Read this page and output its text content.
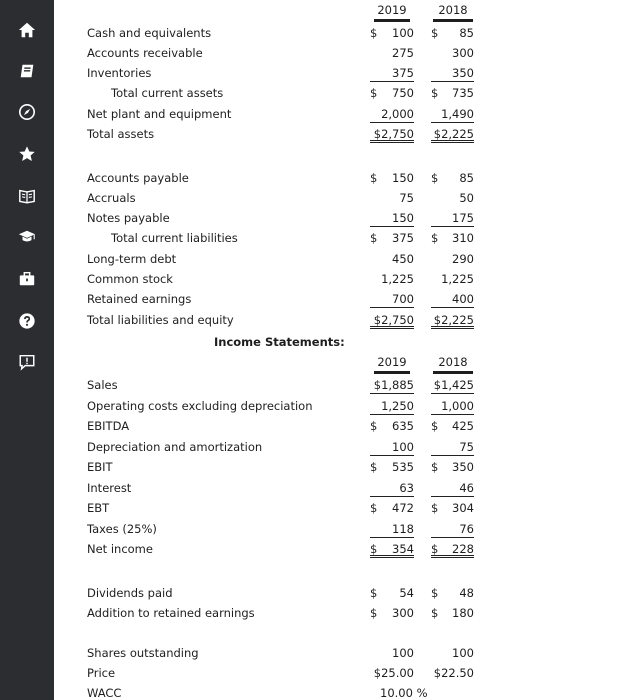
2019	2018
Income Statements:
2019	2018
Cash and equivalents	$ 100 $ 85
Accounts receivable	275	300
Inventories	375	350
Total current assets	$ 750 $ 735
Net plant and equipment	2,000 1,490
Total assets	$2,750 $2,225
Accounts payable	$ 150 $ 85
Accruals	75	50
Notes payable	150	175
Total current liabilities	$ 375 $ 310
Long-term debt	450	290
Common stock	1,225 1,225
Retained earnings	700	400
Total liabilities and equity	$2,750 $2,225
Sales	$1,885 $1,425
Operating costs excluding depreciation	1,250 1,000
EBITDA	$ 635 $ 425
Depreciation and amortization	100	75
EBIT	$ 535 $ 350
Interest	63	46
EBT	$ 472 $ 304
Taxes (25%)	118	76
Net income	$ 354 $ 228
Dividends paid	$ 54 $ 48
Addition to retained earnings	$ 300 $ 180
Shares outstanding	100	100
Price	$25.00 $22.50
WACC	10.00 %
